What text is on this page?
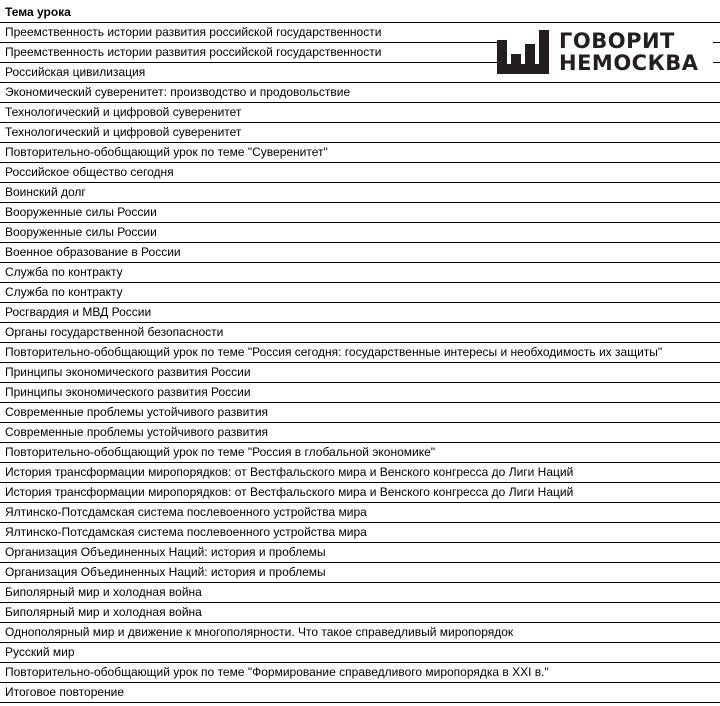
Тема урока
Преемственность истории развития российской государственности
Преемственность истории развития российской государственности
Российская цивилизация
Экономический суверенитет: производство и продовольствие
Технологический и цифровой суверенитет
Технологический и цифровой суверенитет
Повторительно-обобщающий урок по теме "Суверенитет"
Российское общество сегодня
Воинский долг
Вооруженные силы России
Вооруженные силы России
Военное образование в России
Служба по контракту
Служба по контракту
Росгвардия и МВД России
Органы государственной безопасности
Повторительно-обобщающий урок по теме "Россия сегодня: государственные интересы и необходимость их защиты"
Принципы экономического развития России
Принципы экономического развития России
Современные проблемы устойчивого развития
Современные проблемы устойчивого развития
Повторительно-обобщающий урок по теме "Россия в глобальной экономике"
История трансформации миропорядков: от Вестфальского мира и Венского конгресса до Лиги Наций
История трансформации миропорядков: от Вестфальского мира и Венского конгресса до Лиги Наций
Ялтинско-Потсдамская система послевоенного устройства мира
Ялтинско-Потсдамская система послевоенного устройства мира
Организация Объединенных Наций: история и проблемы
Организация Объединенных Наций: история и проблемы
Биполярный мир и холодная война
Биполярный мир и холодная война
Однополярный мир и движение к многополярности. Что такое справедливый миропорядок
Русский мир
Повторительно-обобщающий урок по теме "Формирование справедливого миропорядка в XXI в."
Итоговое повторение
ГОВОРИТ
НЕМОСКВА
